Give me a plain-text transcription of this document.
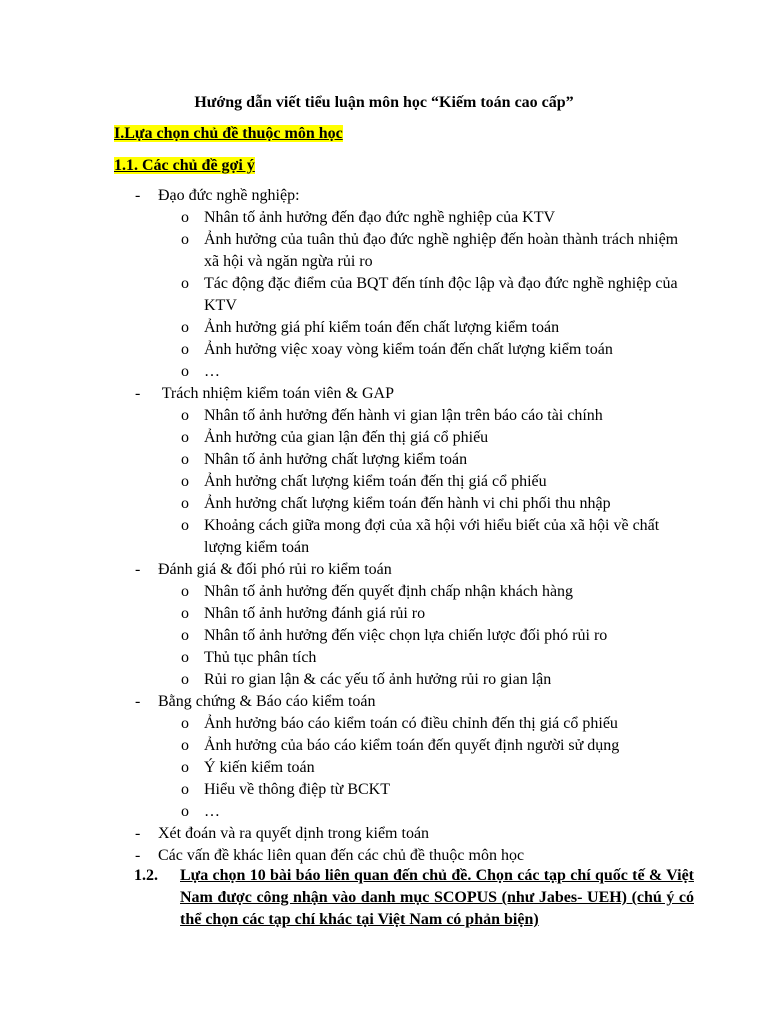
Hướng dẫn viết tiểu luận môn học “Kiếm toán cao cấp”
I.Lựa chọn chủ đề thuộc môn học
1.1. Các chủ đề gợi ý
- Đạo đức nghề nghiệp:
o Nhân tố ảnh hưởng đến đạo đức nghề nghiệp của KTV
o Ảnh hưởng của tuân thủ đạo đức nghề nghiệp đến hoàn thành trách nhiệm xã hội và ngăn ngừa rủi ro
o Tác động đặc điểm của BQT đến tính độc lập và đạo đức nghề nghiệp của KTV
o Ảnh hưởng giá phí kiểm toán đến chất lượng kiểm toán
o Ảnh hưởng việc xoay vòng kiểm toán đến chất lượng kiểm toán
o …
- Trách nhiệm kiểm toán viên & GAP
o Nhân tố ảnh hưởng đến hành vi gian lận trên báo cáo tài chính
o Ảnh hưởng của gian lận đến thị giá cổ phiếu
o Nhân tố ảnh hưởng chất lượng kiểm toán
o Ảnh hưởng chất lượng kiểm toán đến thị giá cổ phiếu
o Ảnh hưởng chất lượng kiểm toán đến hành vi chi phối thu nhập
o Khoảng cách giữa mong đợi của xã hội với hiểu biết của xã hội về chất lượng kiểm toán
- Đánh giá & đối phó rủi ro kiểm toán
o Nhân tố ảnh hưởng đến quyết định chấp nhận khách hàng
o Nhân tố ảnh hưởng đánh giá rủi ro
o Nhân tố ảnh hưởng đến việc chọn lựa chiến lược đối phó rủi ro
o Thủ tục phân tích
o Rủi ro gian lận & các yếu tố ảnh hưởng rủi ro gian lận
- Bằng chứng & Báo cáo kiểm toán
o Ảnh hưởng báo cáo kiểm toán có điều chỉnh đến thị giá cổ phiếu
o Ảnh hưởng của báo cáo kiểm toán đến quyết định người sử dụng
o Ý kiến kiểm toán
o Hiểu về thông điệp từ BCKT
o …
- Xét đoán và ra quyết dịnh trong kiểm toán
- Các vấn đề khác liên quan đến các chủ đề thuộc môn học
1.2. Lựa chọn 10 bài báo liên quan đến chủ đề. Chọn các tạp chí quốc tế & Việt Nam được công nhận vào danh mục SCOPUS (như Jabes- UEH) (chú ý có thể chọn các tạp chí khác tại Việt Nam có phản biện)
